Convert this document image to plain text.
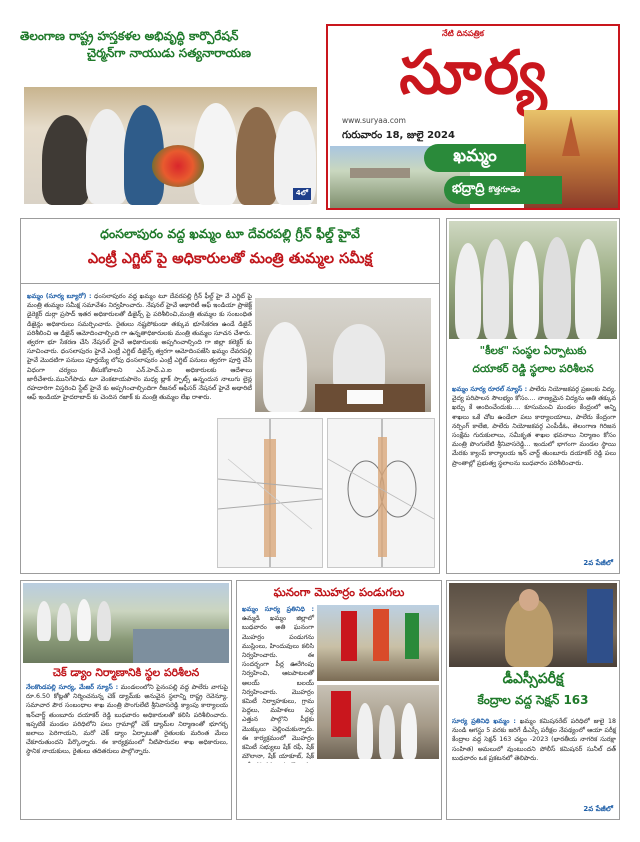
తెలంగాణ రాష్ట్ర హస్తకళల అభివృద్ధి కార్పొరేషన్
చైర్మన్‌గా నాయుడు సత్యనారాయణ
4లో
నేటి దినపత్రిక
సూర్య
www.suryaa.com
గురువారం 18, జులై 2024
ఖమ్మం
భద్రాద్రి కొత్తగూడెం
ధంసలాపురం వద్ద ఖమ్మం టూ దేవరపల్లి గ్రీన్ ఫీల్డ్ హైవే
ఎంట్రీ ఎగ్జిట్ పై అధికారులతో మంత్రి తుమ్మల సమీక్ష
ఖమ్మం (సూర్య బ్యూరో) : ధంసలాపురం వద్ద ఖమ్మం టూ దేవరపల్లి గ్రీన్ ఫీల్డ్ హై వే ఎగ్జిట్ పై మంత్రి తుమ్మల సమీక్ష సమావేశం నిర్వహించారు. నేషనల్ హైవే అథారిటీ ఆఫ్ ఇండియా ప్రాజెక్ట్ డైరెక్టర్ దుర్గా ప్రసాద్ ఇతర అధికారులతో డిజైన్స్ పై పరిశీలించి,మంత్రి తుమ్మల కు సంబంధిత డిజైన్లు అధికారులు సమర్పించారు. రైతులు నష్టపోకుండా తక్కువ భూసేకరణ ఉండే డిజైన్ పరిశీలించి ఆ డిజైన్ ఆమోదించాల్సింది గా ఉన్నతాధికారులకు మంత్రి తుమ్మల సూచన చేశారు. త్వరగా భూ సేకరణ చేసి నేషనల్ హైవే అధికారులకు అప్పగించాల్సింది గా జిల్లా కలెక్టర్ కు సూచించారు. ధంసలాపురం హైవే ఎంట్రీ ఎగ్జిట్ డిజైన్స్ త్వరగా ఆమోదింపజేసి ఖమ్మం దేవరపల్లి హైవే మొదటిగా పనులు పూర్తయ్యే లోపు ధంసలాపురం ఎంట్రీ ఎగ్జిట్ పనులు త్వరగా పూర్తి చేసే విధంగా చర్యలు తీసుకోవాలని ఎన్.హెచ్.ఎ.ఐ అధికారులకు ఆదేశాలు జారీచేశారు.మునిగేపాడు టూ వెంకటాయపాలెం మధ్య బ్లాక్ స్పాట్స్ ఉన్నందున నాలుగు లైన్ల రహదారిగా విస్తరించి స్టేట్ హైవే కు అప్పగించాల్సిందిగా రీజనల్ ఆఫీసర్ నేషనల్ హైవే అథారిటీ ఆఫ్ ఇండియా హైదరాబాద్ కు చెందిన రజాక్ కు మంత్రి తుమ్మల లేఖ రాశారు.
"కీలక" సంస్థల ఏర్పాటుకు
దయాకర్ రెడ్డి స్థలాల పరిశీలన
ఖమ్మం సూర్య రూరల్ న్యూస్ : పాలేరు నియోజకవర్గ ప్రజలకు విద్య, వైద్య పరిపాలన సౌలభ్యం కోసం.... నాణ్యమైన విద్యను అతి తక్కువ ఖర్చు కే అందించేందుకు.... కూసుమంచి మండల కేంద్రంలో అన్ని శాఖలు ఒకే చోట ఉండేలా పలు కార్యాలయాలు, పాలేరు కేంద్రంగా నర్సింగ్ కాలేజి, పాలేరు నియోజకవర్గ ఎంపీడీఓ, తెలంగాణ గిరిజన సంక్షేమ గురుకులాలు, సమీకృత శాఖల భవనాలు నిర్మాణం కోసం మంత్రి పొంగులేటి శ్రీనివాసరెడ్డి... ఇందులో భాగంగా మండల స్థాయి మేరకు క్యాంప్ కార్యాలయ ఇన్ చార్జ్ తుంబూరు దయాకర్ రెడ్డి పలు ప్రాంతాల్లో ప్రభుత్వ స్థలాలను బుధవారం పరిశీలించారు.
2వ పేజీలో
చెక్ డ్యాం నిర్మాణానికి స్థల పరిశీలన
నేలకొండపల్లి సూర్య, మేజర్ న్యూస్ : మండలంలోని పైనంపల్లి వద్ద పాలేరు వాగుపై రూ.6.50 కోట్లతో నిర్మించనున్న చెక్ డ్యామ్‌కు అనువైన స్థలాన్ని రాష్ట్ర రెవెన్యూ, సమాచార పౌర సంబంధాల శాఖ మంత్రి పొంగులేటి శ్రీనివాసరెడ్డి క్యాంపు కార్యాలయ ఇన్‌చార్జ్ తుంబూరు దయాకర్ రెడ్డి బుధవారం అధికారులతో కలిసి పరిశీలించారు. ఇప్పటికే మండల పరిధిలోని పలు గ్రామాల్లో చెక్ డ్యామ్‌ల నిర్మాణంతో భూగర్భ జలాలు పెరిగాయని, మరో చెక్ డ్యాం ఏర్పాటుతో రైతులకు మరింత మేలు చేకూరుతుందని పేర్కొన్నారు. ఈ కార్యక్రమంలో నీటిపారుదల శాఖ అధికారులు, స్థానిక నాయకులు, రైతులు తదితరులు పాల్గొన్నారు.
ఘనంగా మొహర్రం పండుగలు
ఖమ్మం సూర్య ప్రతినిధి : ఉమ్మడి ఖమ్మం జిల్లాలో బుధవారం అతి ఘనంగా మొహర్రం పండుగను ముస్లింలు, హిందువులు కలిసి నిర్వహించారు. ఈ సందర్భంగా పీర్ల ఊరేగింపు నిర్వహించి, ఆటపాటలతో అలయ్ బలయ్ నిర్వహించారు. మొహర్రం కమిటీ నిర్వాహకులు, గ్రామ పెద్దలు, మహిళలు పెద్ద ఎత్తున పాల్గొని పీర్లకు మొక్కులు చెల్లించుకున్నారు. ఈ కార్యక్రమంలో మొహర్రం కమిటీ సభ్యులు షేక్ రఫీ, షేక్ మౌలానా, షేక్ యాకూబ్, షేక్
డీఎస్సీపరీక్ష
కేంద్రాల వద్ద సెక్షన్ 163
సూర్య ప్రతినిధి ఖమ్మం : ఖమ్మం కమిషనరేట్ పరిధిలో జులై 18 నుండి ఆగస్టు 5 వరకు జరిగే డీఎస్సీ పరీక్షల నేపథ్యంలో ఆయా పరీక్ష కేంద్రాల వద్ద సెక్షన్ 163 చట్టం -2023 (భారతీయ నాగరిక సురక్షా సంహిత) అమలులో వుంటుందని పోలీస్ కమిషనర్ సునీల్ దత్ బుధవారం ఒక ప్రకటనలో తెలిపారు.
2వ పేజీలో
